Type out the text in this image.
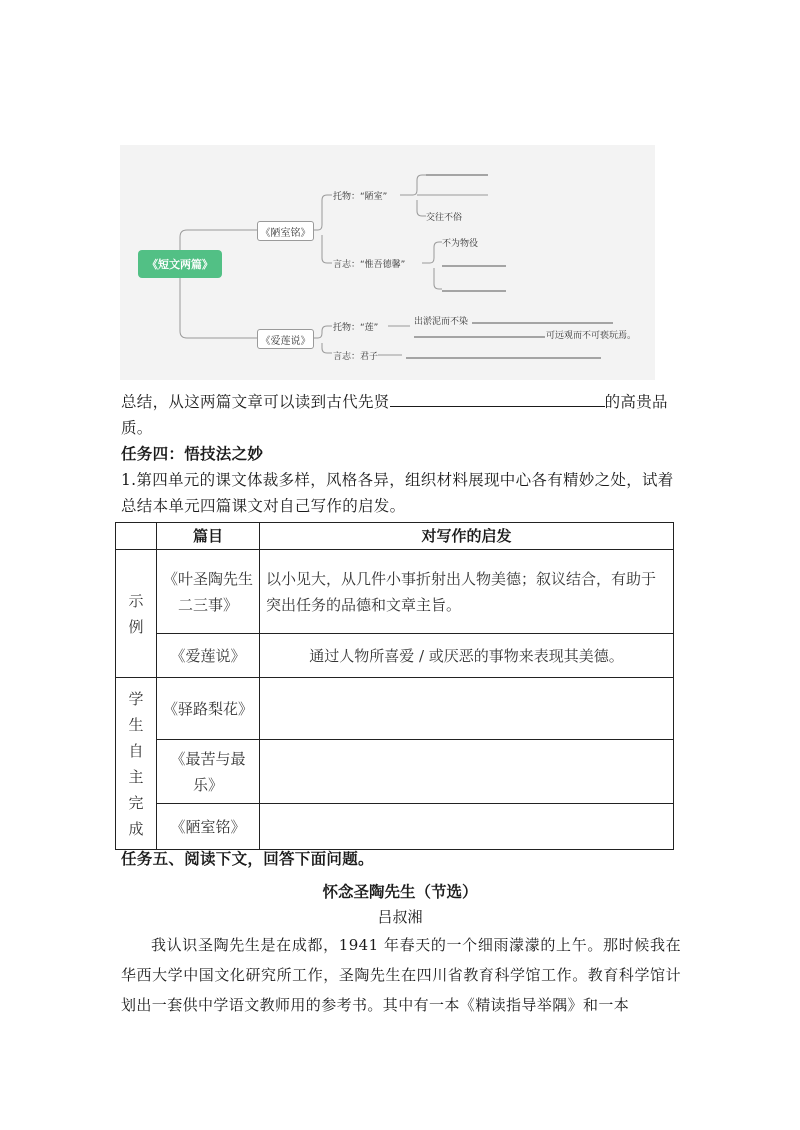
《短文两篇》
《陋室铭》
《爱莲说》
托物：“陋室”
交往不俗
言志：“惟吾德馨”
不为物役
托物：“莲”
出淤泥而不染
可远观而不可亵玩焉。
言志：君子
总结，从这两篇文章可以读到古代先贤	的高贵品质。
任务四：悟技法之妙
1.第四单元的课文体裁多样，风格各异，组织材料展现中心各有精妙之处，试着总结本单元四篇课文对自己写作的启发。
	篇目	对写作的启发
示例	《叶圣陶先生二三事》	以小见大，从几件小事折射出人物美德；叙议结合，有助于突出任务的品德和文章主旨。
	《爱莲说》	通过人物所喜爱 / 或厌恶的事物来表现其美德。
学生自主完成	《驿路梨花》	
	《最苦与最乐》	
	《陋室铭》	
任务五、阅读下文，回答下面问题。
怀念圣陶先生（节选）
吕叔湘
我认识圣陶先生是在成都，1941 年春天的一个细雨濛濛的上午。那时候我在华西大学中国文化研究所工作，圣陶先生在四川省教育科学馆工作。教育科学馆计划出一套供中学语文教师用的参考书。其中有一本《精读指导举隅》和一本
